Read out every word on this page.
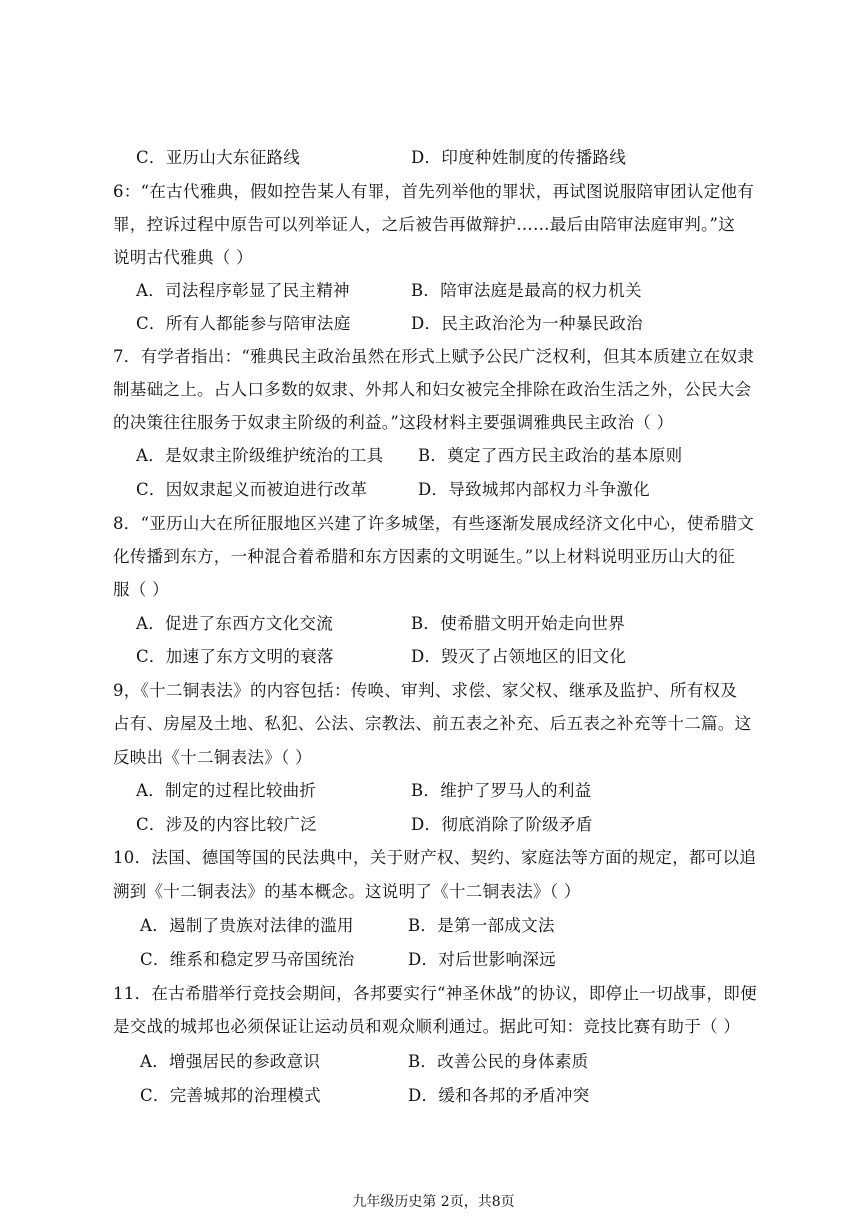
C．亚历山大东征路线	D．印度种姓制度的传播路线
6：“在古代雅典，假如控告某人有罪，首先列举他的罪状，再试图说服陪审团认定他有
罪，控诉过程中原告可以列举证人，之后被告再做辩护……最后由陪审法庭审判。”这
说明古代雅典（ ）
A．司法程序彰显了民主精神	B．陪审法庭是最高的权力机关
C．所有人都能参与陪审法庭	D．民主政治沦为一种暴民政治
7．有学者指出：“雅典民主政治虽然在形式上赋予公民广泛权利，但其本质建立在奴隶
制基础之上。占人口多数的奴隶、外邦人和妇女被完全排除在政治生活之外，公民大会
的决策往往服务于奴隶主阶级的利益。”这段材料主要强调雅典民主政治（ ）
A．是奴隶主阶级维护统治的工具 B．奠定了西方民主政治的基本原则
C．因奴隶起义而被迫进行改革	D．导致城邦内部权力斗争激化
8．“亚历山大在所征服地区兴建了许多城堡，有些逐渐发展成经济文化中心，使希腊文
化传播到东方，一种混合着希腊和东方因素的文明诞生。”以上材料说明亚历山大的征
服（ ）
A．促进了东西方文化交流	B．使希腊文明开始走向世界
C．加速了东方文明的衰落	D．毁灭了占领地区的旧文化
9，《十二铜表法》的内容包括：传唤、审判、求偿、家父权、继承及监护、所有权及
占有、房屋及土地、私犯、公法、宗教法、前五表之补充、后五表之补充等十二篇。这
反映出《十二铜表法》（ ）
A．制定的过程比较曲折	B．维护了罗马人的利益
C．涉及的内容比较广泛	D．彻底消除了阶级矛盾
10．法国、德国等国的民法典中，关于财产权、契约、家庭法等方面的规定，都可以追
溯到《十二铜表法》的基本概念。这说明了《十二铜表法》（ ）
A．遏制了贵族对法律的滥用	B．是第一部成文法
C．维系和稳定罗马帝国统治	D．对后世影响深远
11．在古希腊举行竞技会期间，各邦要实行“神圣休战”的协议，即停止一切战事，即便
是交战的城邦也必须保证让运动员和观众顺利通过。据此可知：竞技比赛有助于（ ）
A．增强居民的参政意识	B．改善公民的身体素质
C．完善城邦的治理模式	D．缓和各邦的矛盾冲突
九年级历史第 2页，共8页
